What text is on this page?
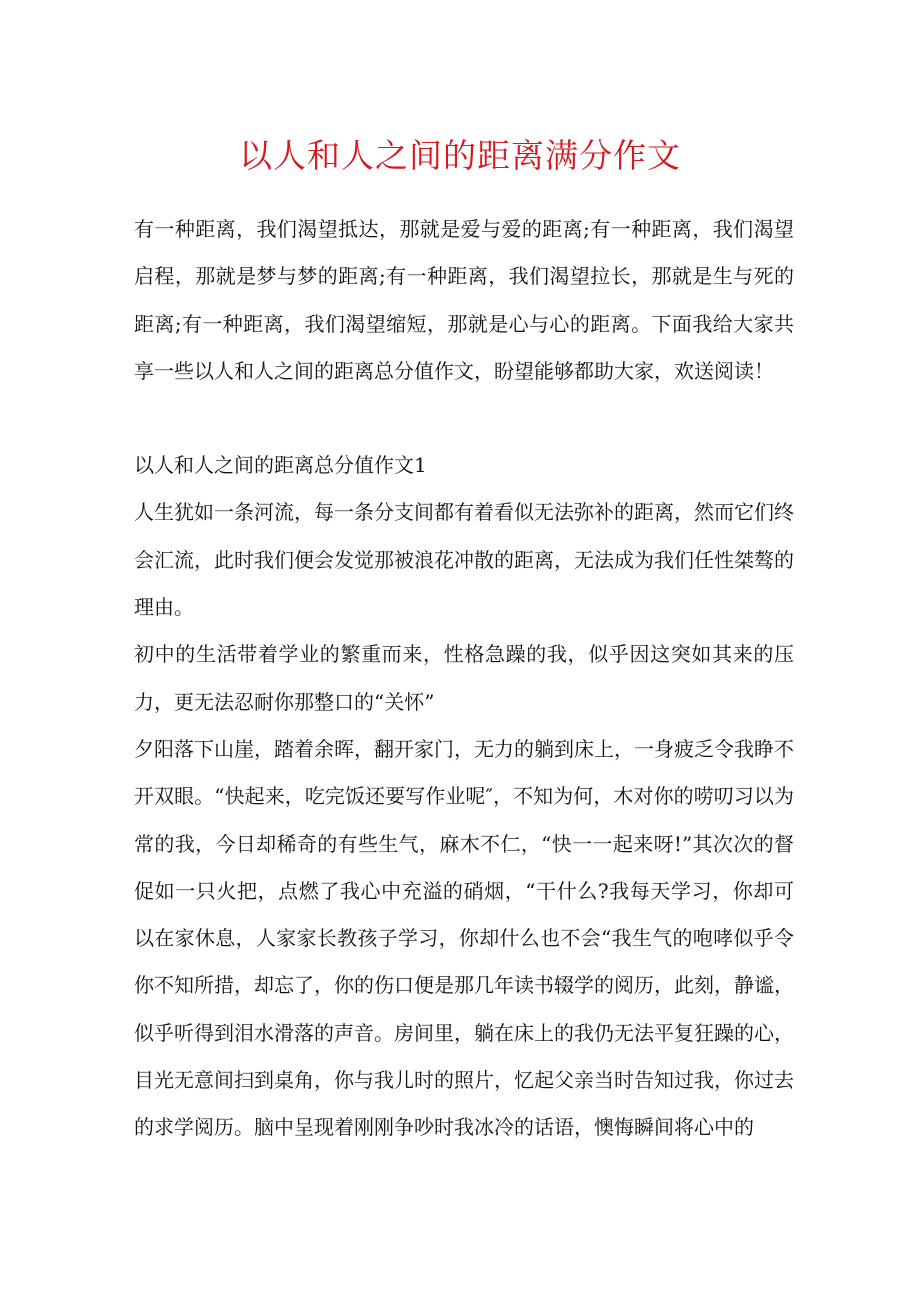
以人和人之间的距离满分作文

有一种距离，我们渴望抵达，那就是爱与爱的距离;有一种距离，我们渴望启程，那就是梦与梦的距离;有一种距离，我们渴望拉长，那就是生与死的距离;有一种距离，我们渴望缩短，那就是心与心的距离。下面我给大家共享一些以人和人之间的距离总分值作文，盼望能够都助大家，欢送阅读！

以人和人之间的距离总分值作文1

人生犹如一条河流，每一条分支间都有着看似无法弥补的距离，然而它们终会汇流，此时我们便会发觉那被浪花冲散的距离，无法成为我们任性桀骜的理由。

初中的生活带着学业的繁重而来，性格急躁的我，似乎因这突如其来的压力，更无法忍耐你那整口的“关怀”

夕阳落下山崖，踏着余晖，翻开家门，无力的躺到床上，一身疲乏令我睁不开双眼。“快起来，吃完饭还要写作业呢″，不知为何，木对你的唠叨习以为常的我，今日却稀奇的有些生气，麻木不仁，“快一一起来呀!”其次次的督促如一只火把，点燃了我心中充溢的硝烟，“干什么?我每天学习，你却可以在家休息，人家家长教孩子学习，你却什么也不会“我生气的咆哮似乎令你不知所措，却忘了，你的伤口便是那几年读书辍学的阅历，此刻，静谧，似乎听得到泪水滑落的声音。房间里，躺在床上的我仍无法平复狂躁的心，目光无意间扫到桌角，你与我儿时的照片，忆起父亲当时告知过我，你过去的求学阅历。脑中呈现着刚刚争吵时我冰冷的话语，懊悔瞬间将心中的
